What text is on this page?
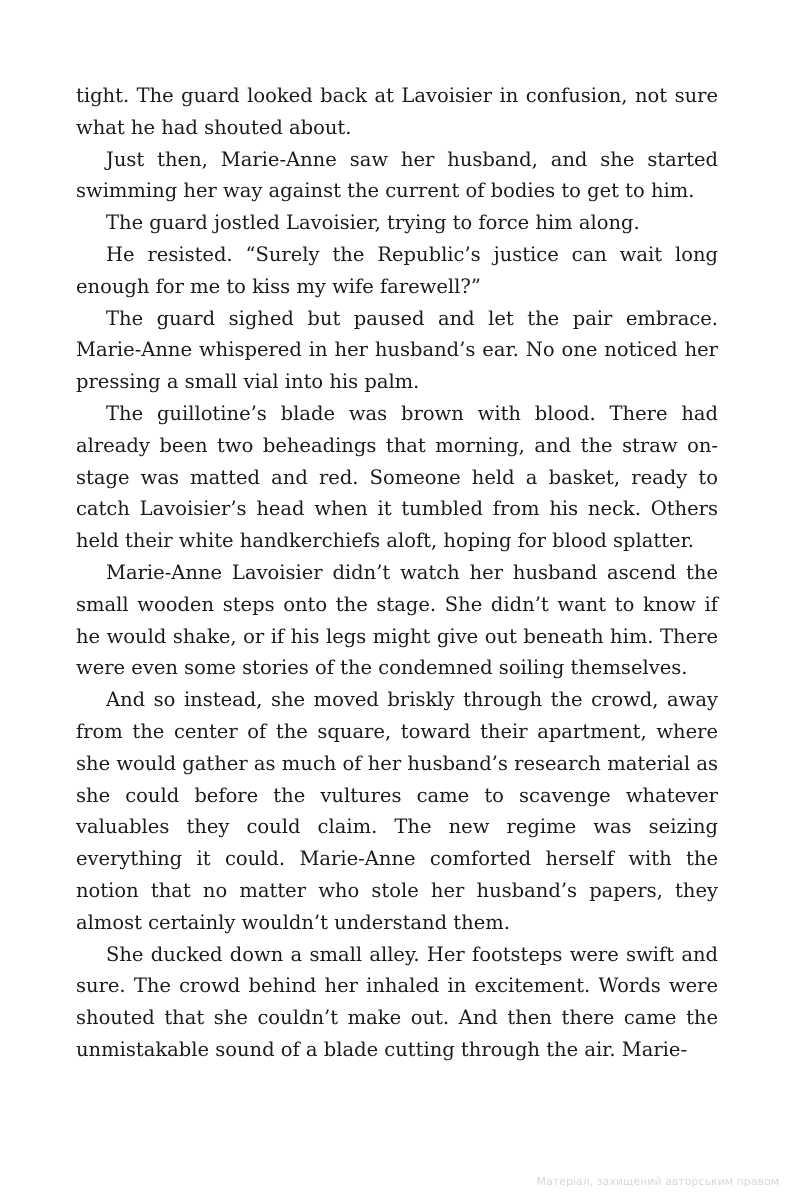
tight. The guard looked back at Lavoisier in confusion, not sure what he had shouted about.

Just then, Marie-Anne saw her husband, and she started swimming her way against the current of bodies to get to him.

The guard jostled Lavoisier, trying to force him along.

He resisted. “Surely the Republic’s justice can wait long enough for me to kiss my wife farewell?”

The guard sighed but paused and let the pair embrace. Marie-Anne whispered in her husband’s ear. No one noticed her pressing a small vial into his palm.

The guillotine’s blade was brown with blood. There had already been two beheadings that morning, and the straw on-stage was matted and red. Someone held a basket, ready to catch Lavoisier’s head when it tumbled from his neck. Others held their white handkerchiefs aloft, hoping for blood splatter.

Marie-Anne Lavoisier didn’t watch her husband ascend the small wooden steps onto the stage. She didn’t want to know if he would shake, or if his legs might give out beneath him. There were even some stories of the condemned soiling themselves.

And so instead, she moved briskly through the crowd, away from the center of the square, toward their apartment, where she would gather as much of her husband’s research material as she could before the vultures came to scavenge whatever valuables they could claim. The new regime was seizing everything it could. Marie-Anne comforted herself with the notion that no matter who stole her husband’s papers, they almost certainly wouldn’t understand them.

She ducked down a small alley. Her footsteps were swift and sure. The crowd behind her inhaled in excitement. Words were shouted that she couldn’t make out. And then there came the unmistakable sound of a blade cutting through the air. Marie-

Матеріал, захищений авторським правом
